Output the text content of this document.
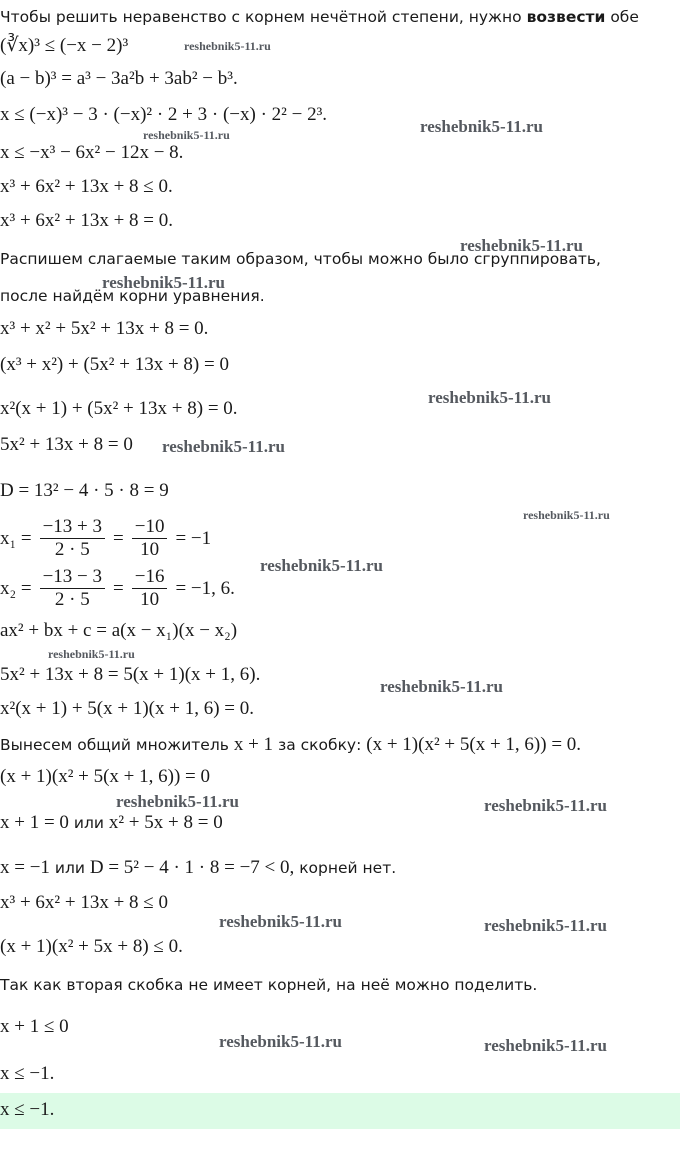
Чтобы решить неравенство с корнем нечётной степени, нужно возвести обе
(∛x)³ ≤ (−x − 2)³
(a − b)³ = a³ − 3a²b + 3ab² − b³.
x ≤ (−x)³ − 3 · (−x)² · 2 + 3 · (−x) · 2² − 2³.
x ≤ −x³ − 6x² − 12x − 8.
x³ + 6x² + 13x + 8 ≤ 0.
x³ + 6x² + 13x + 8 = 0.
Распишем слагаемые таким образом, чтобы можно было сгруппировать,
после найдём корни уравнения.
x³ + x² + 5x² + 13x + 8 = 0.
(x³ + x²) + (5x² + 13x + 8) = 0
x²(x + 1) + (5x² + 13x + 8) = 0.
5x² + 13x + 8 = 0
D = 13² − 4 · 5 · 8 = 9
$x_1 = \frac{-13 + 3}{2 \cdot 5} = \frac{-10}{10} = -1$
$x_2 = \frac{-13 - 3}{2 \cdot 5} = \frac{-16}{10} = -1$, 6.
ax² + bx + c = a(x − x₁)(x − x₂)
5x² + 13x + 8 = 5(x + 1)(x + 1, 6).
x²(x + 1) + 5(x + 1)(x + 1, 6) = 0.
Вынесем общий множитель x + 1 за скобку: (x + 1)(x² + 5(x + 1, 6)) = 0.
(x + 1)(x² + 5(x + 1, 6)) = 0
x + 1 = 0 или x² + 5x + 8 = 0
x = −1 или D = 5² − 4 · 1 · 8 = −7 < 0, корней нет.
x³ + 6x² + 13x + 8 ≤ 0
(x + 1)(x² + 5x + 8) ≤ 0.
Так как вторая скобка не имеет корней, на неё можно поделить.
x + 1 ≤ 0
x ≤ −1.
x ≤ −1.
reshebnik5-11.ru
reshebnik5-11.ru
reshebnik5-11.ru
reshebnik5-11.ru
reshebnik5-11.ru
reshebnik5-11.ru
reshebnik5-11.ru
reshebnik5-11.ru
reshebnik5-11.ru
reshebnik5-11.ru
reshebnik5-11.ru
reshebnik5-11.ru	reshebnik5-11.ru
reshebnik5-11.ru	reshebnik5-11.ru
reshebnik5-11.ru	reshebnik5-11.ru
